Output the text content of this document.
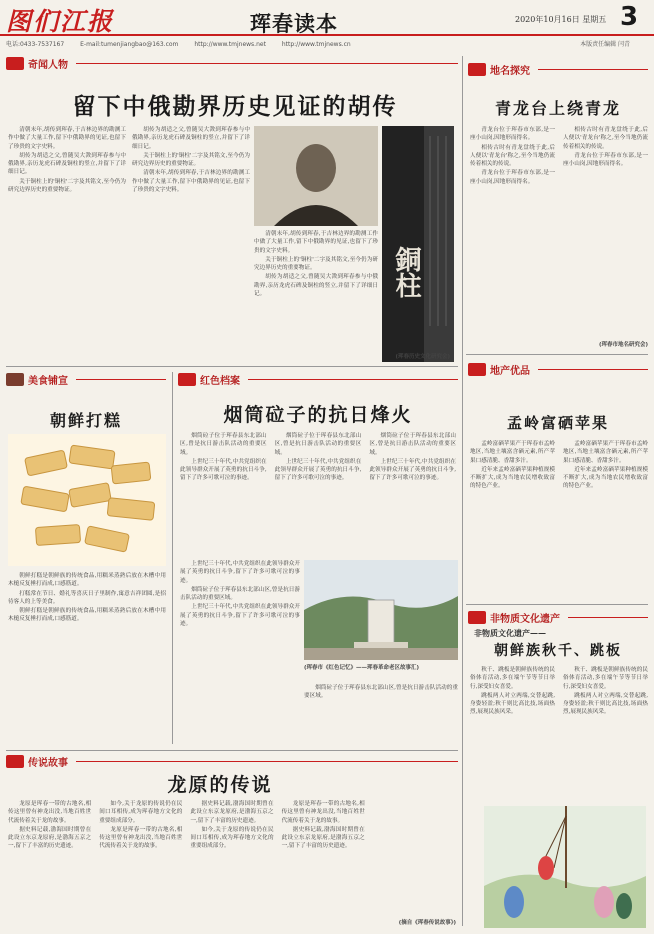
图们江报	珲春读本	2020年10月16日 星期五 3
电话:0433-7537167	E-mail:tumenjiangbao@163.com	http://www.tmjnews.net	http://www.tmjnews.cn	本版责任编辑 闫青
奇闻人物
留下中俄勘界历史见证的胡传

清朝末年,胡传到珲春,于吉林边界的勘测工作中做了大量工作,留下中俄勘界的见证,也留下了珍贵的文字史料。

胡传为胡适之父,曾随吴大澂到珲春参与中俄勘界,亲历龙虎石碑及铜柱的竖立,并留下了详细日记。

关于铜柱上的'铜柱'二字及其铭文,至今仍为研究边界历史的重要物证。

胡传为胡适之父,曾随吴大澂到珲春参与中俄勘界,亲历龙虎石碑及铜柱的竖立,并留下了详细日记。

关于铜柱上的'铜柱'二字及其铭文,至今仍为研究边界历史的重要物证。

清朝末年,胡传到珲春,于吉林边界的勘测工作中做了大量工作,留下中俄勘界的见证,也留下了珍贵的文字史料。

銅柱

清朝末年,胡传到珲春,于吉林边界的勘测工作中做了大量工作,留下中俄勘界的见证,也留下了珍贵的文字史料。

关于铜柱上的'铜柱'二字及其铭文,至今仍为研究边界历史的重要物证。

胡传为胡适之父,曾随吴大澂到珲春参与中俄勘界,亲历龙虎石碑及铜柱的竖立,并留下了详细日记。

(珲春历史文化研究会)
地名探究
青龙台上绕青龙

青龙台位于珲春市东部,是一座小山岗,因地形而得名。

相传古时有青龙盘绕于此,后人便以'青龙台'称之,至今当地仍流传着相关的传说。

青龙台位于珲春市东部,是一座小山岗,因地形而得名。

相传古时有青龙盘绕于此,后人便以'青龙台'称之,至今当地仍流传着相关的传说。

青龙台位于珲春市东部,是一座小山岗,因地形而得名。

(珲春市地名研究会)
地产优品
孟岭富硒苹果

孟岭富硒苹果产于珲春市孟岭地区,当地土壤富含硒元素,所产苹果口感清脆、香甜多汁。

近年来孟岭富硒苹果种植规模不断扩大,成为当地农民增收致富的特色产业。

孟岭富硒苹果产于珲春市孟岭地区,当地土壤富含硒元素,所产苹果口感清脆、香甜多汁。

近年来孟岭富硒苹果种植规模不断扩大,成为当地农民增收致富的特色产业。

非物质文化遗产
非物质文化遗产——
朝鲜族秋千、跳板

秋千、跳板是朝鲜族传统的民俗体育活动,多在端午节等节日举行,深受妇女喜爱。

跳板两人对立两端,交替起跳,身姿轻盈;秋千则比高比技,场面热烈,展现民族风采。

秋千、跳板是朝鲜族传统的民俗体育活动,多在端午节等节日举行,深受妇女喜爱。

跳板两人对立两端,交替起跳,身姿轻盈;秋千则比高比技,场面热烈,展现民族风采。

美食铺宣
朝鲜打糕

朝鲜打糕是朝鲜族的传统食品,用糯米蒸熟后放在木槽中用木槌反复捶打而成,口感筋道。

打糕常在节日、婚礼等喜庆日子里制作,寓意吉祥团圆,是招待客人的上等美食。

朝鲜打糕是朝鲜族的传统食品,用糯米蒸熟后放在木槽中用木槌反复捶打而成,口感筋道。

红色档案
烟筒砬子的抗日烽火

烟筒砬子位于珲春县东北部山区,曾是抗日游击队活动的重要区域。

上世纪三十年代,中共党组织在此领导群众开展了英勇的抗日斗争,留下了许多可歌可泣的事迹。

烟筒砬子位于珲春县东北部山区,曾是抗日游击队活动的重要区域。

上世纪三十年代,中共党组织在此领导群众开展了英勇的抗日斗争,留下了许多可歌可泣的事迹。

烟筒砬子位于珲春县东北部山区,曾是抗日游击队活动的重要区域。

上世纪三十年代,中共党组织在此领导群众开展了英勇的抗日斗争,留下了许多可歌可泣的事迹。

上世纪三十年代,中共党组织在此领导群众开展了英勇的抗日斗争,留下了许多可歌可泣的事迹。

烟筒砬子位于珲春县东北部山区,曾是抗日游击队活动的重要区域。

上世纪三十年代,中共党组织在此领导群众开展了英勇的抗日斗争,留下了许多可歌可泣的事迹。

(珲春市《红色记忆》——珲春革命老区故事汇)

烟筒砬子位于珲春县东北部山区,曾是抗日游击队活动的重要区域。

传说故事
龙原的传说

龙原是珲春一带的古地名,相传这里曾有神龙出没,当地百姓世代流传着关于龙的故事。

据史料记载,渤海国时期曾在此设立东京龙原府,是渤海五京之一,留下了丰富的历史遗迹。

如今,关于龙原的传说仍在民间口耳相传,成为珲春地方文化的重要组成部分。

龙原是珲春一带的古地名,相传这里曾有神龙出没,当地百姓世代流传着关于龙的故事。

据史料记载,渤海国时期曾在此设立东京龙原府,是渤海五京之一,留下了丰富的历史遗迹。

如今,关于龙原的传说仍在民间口耳相传,成为珲春地方文化的重要组成部分。

龙原是珲春一带的古地名,相传这里曾有神龙出没,当地百姓世代流传着关于龙的故事。

据史料记载,渤海国时期曾在此设立东京龙原府,是渤海五京之一,留下了丰富的历史遗迹。

(摘自《珲春传说故事》)
